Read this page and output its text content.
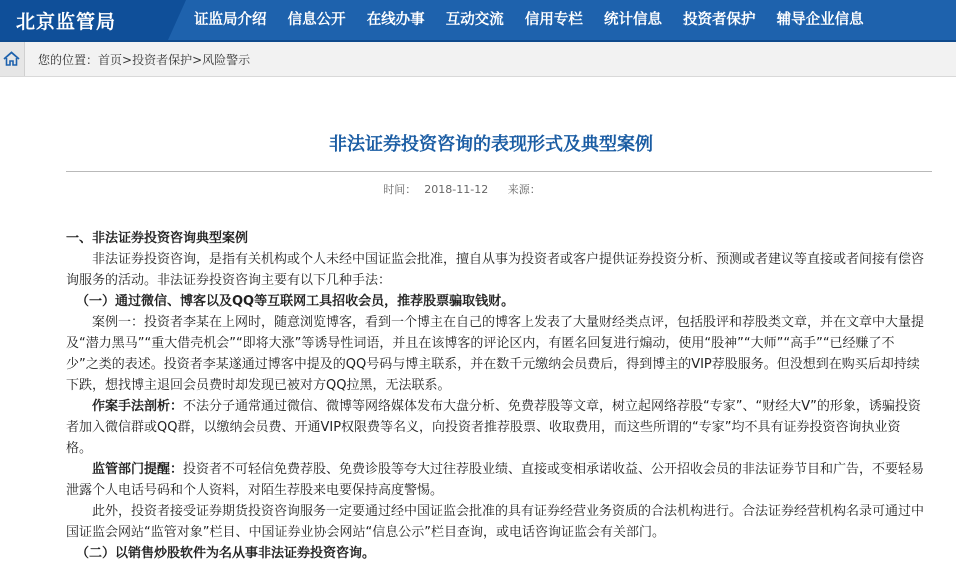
北京监管局	证监局介绍 信息公开 在线办事 互动交流 信用专栏 统计信息 投资者保护 辅导企业信息
您的位置：首页>投资者保护>风险警示
非法证券投资咨询的表现形式及典型案例
时间： 2018-11-12 来源：

一、非法证券投资咨询典型案例

非法证券投资咨询，是指有关机构或个人未经中国证监会批准，擅自从事为投资者或客户提供证券投资分析、预测或者建议等直接或者间接有偿咨询服务的活动。非法证券投资咨询主要有以下几种手法：

（一）通过微信、博客以及QQ等互联网工具招收会员，推荐股票骗取钱财。

案例一：投资者李某在上网时，随意浏览博客，看到一个博主在自己的博客上发表了大量财经类点评，包括股评和荐股类文章，并在文章中大量提及“潜力黑马”“重大借壳机会”“即将大涨”等诱导性词语，并且在该博客的评论区内，有匿名回复进行煽动，使用“股神”“大师”“高手”“已经赚了不少”之类的表述。投资者李某遂通过博客中提及的QQ号码与博主联系，并在数千元缴纳会员费后，得到博主的VIP荐股服务。但没想到在购买后却持续下跌，想找博主退回会员费时却发现已被对方QQ拉黑，无法联系。

作案手法剖析：不法分子通常通过微信、微博等网络媒体发布大盘分析、免费荐股等文章，树立起网络荐股“专家”、“财经大V”的形象，诱骗投资者加入微信群或QQ群，以缴纳会员费、开通VIP权限费等名义，向投资者推荐股票、收取费用，而这些所谓的“专家”均不具有证券投资咨询执业资格。

监管部门提醒：投资者不可轻信免费荐股、免费诊股等夸大过往荐股业绩、直接或变相承诺收益、公开招收会员的非法证券节目和广告，不要轻易泄露个人电话号码和个人资料，对陌生荐股来电要保持高度警惕。

此外，投资者接受证券期货投资咨询服务一定要通过经中国证监会批准的具有证券经营业务资质的合法机构进行。合法证券经营机构名录可通过中国证监会网站“监管对象”栏目、中国证券业协会网站“信息公示”栏目查询，或电话咨询证监会有关部门。

（二）以销售炒股软件为名从事非法证券投资咨询。
